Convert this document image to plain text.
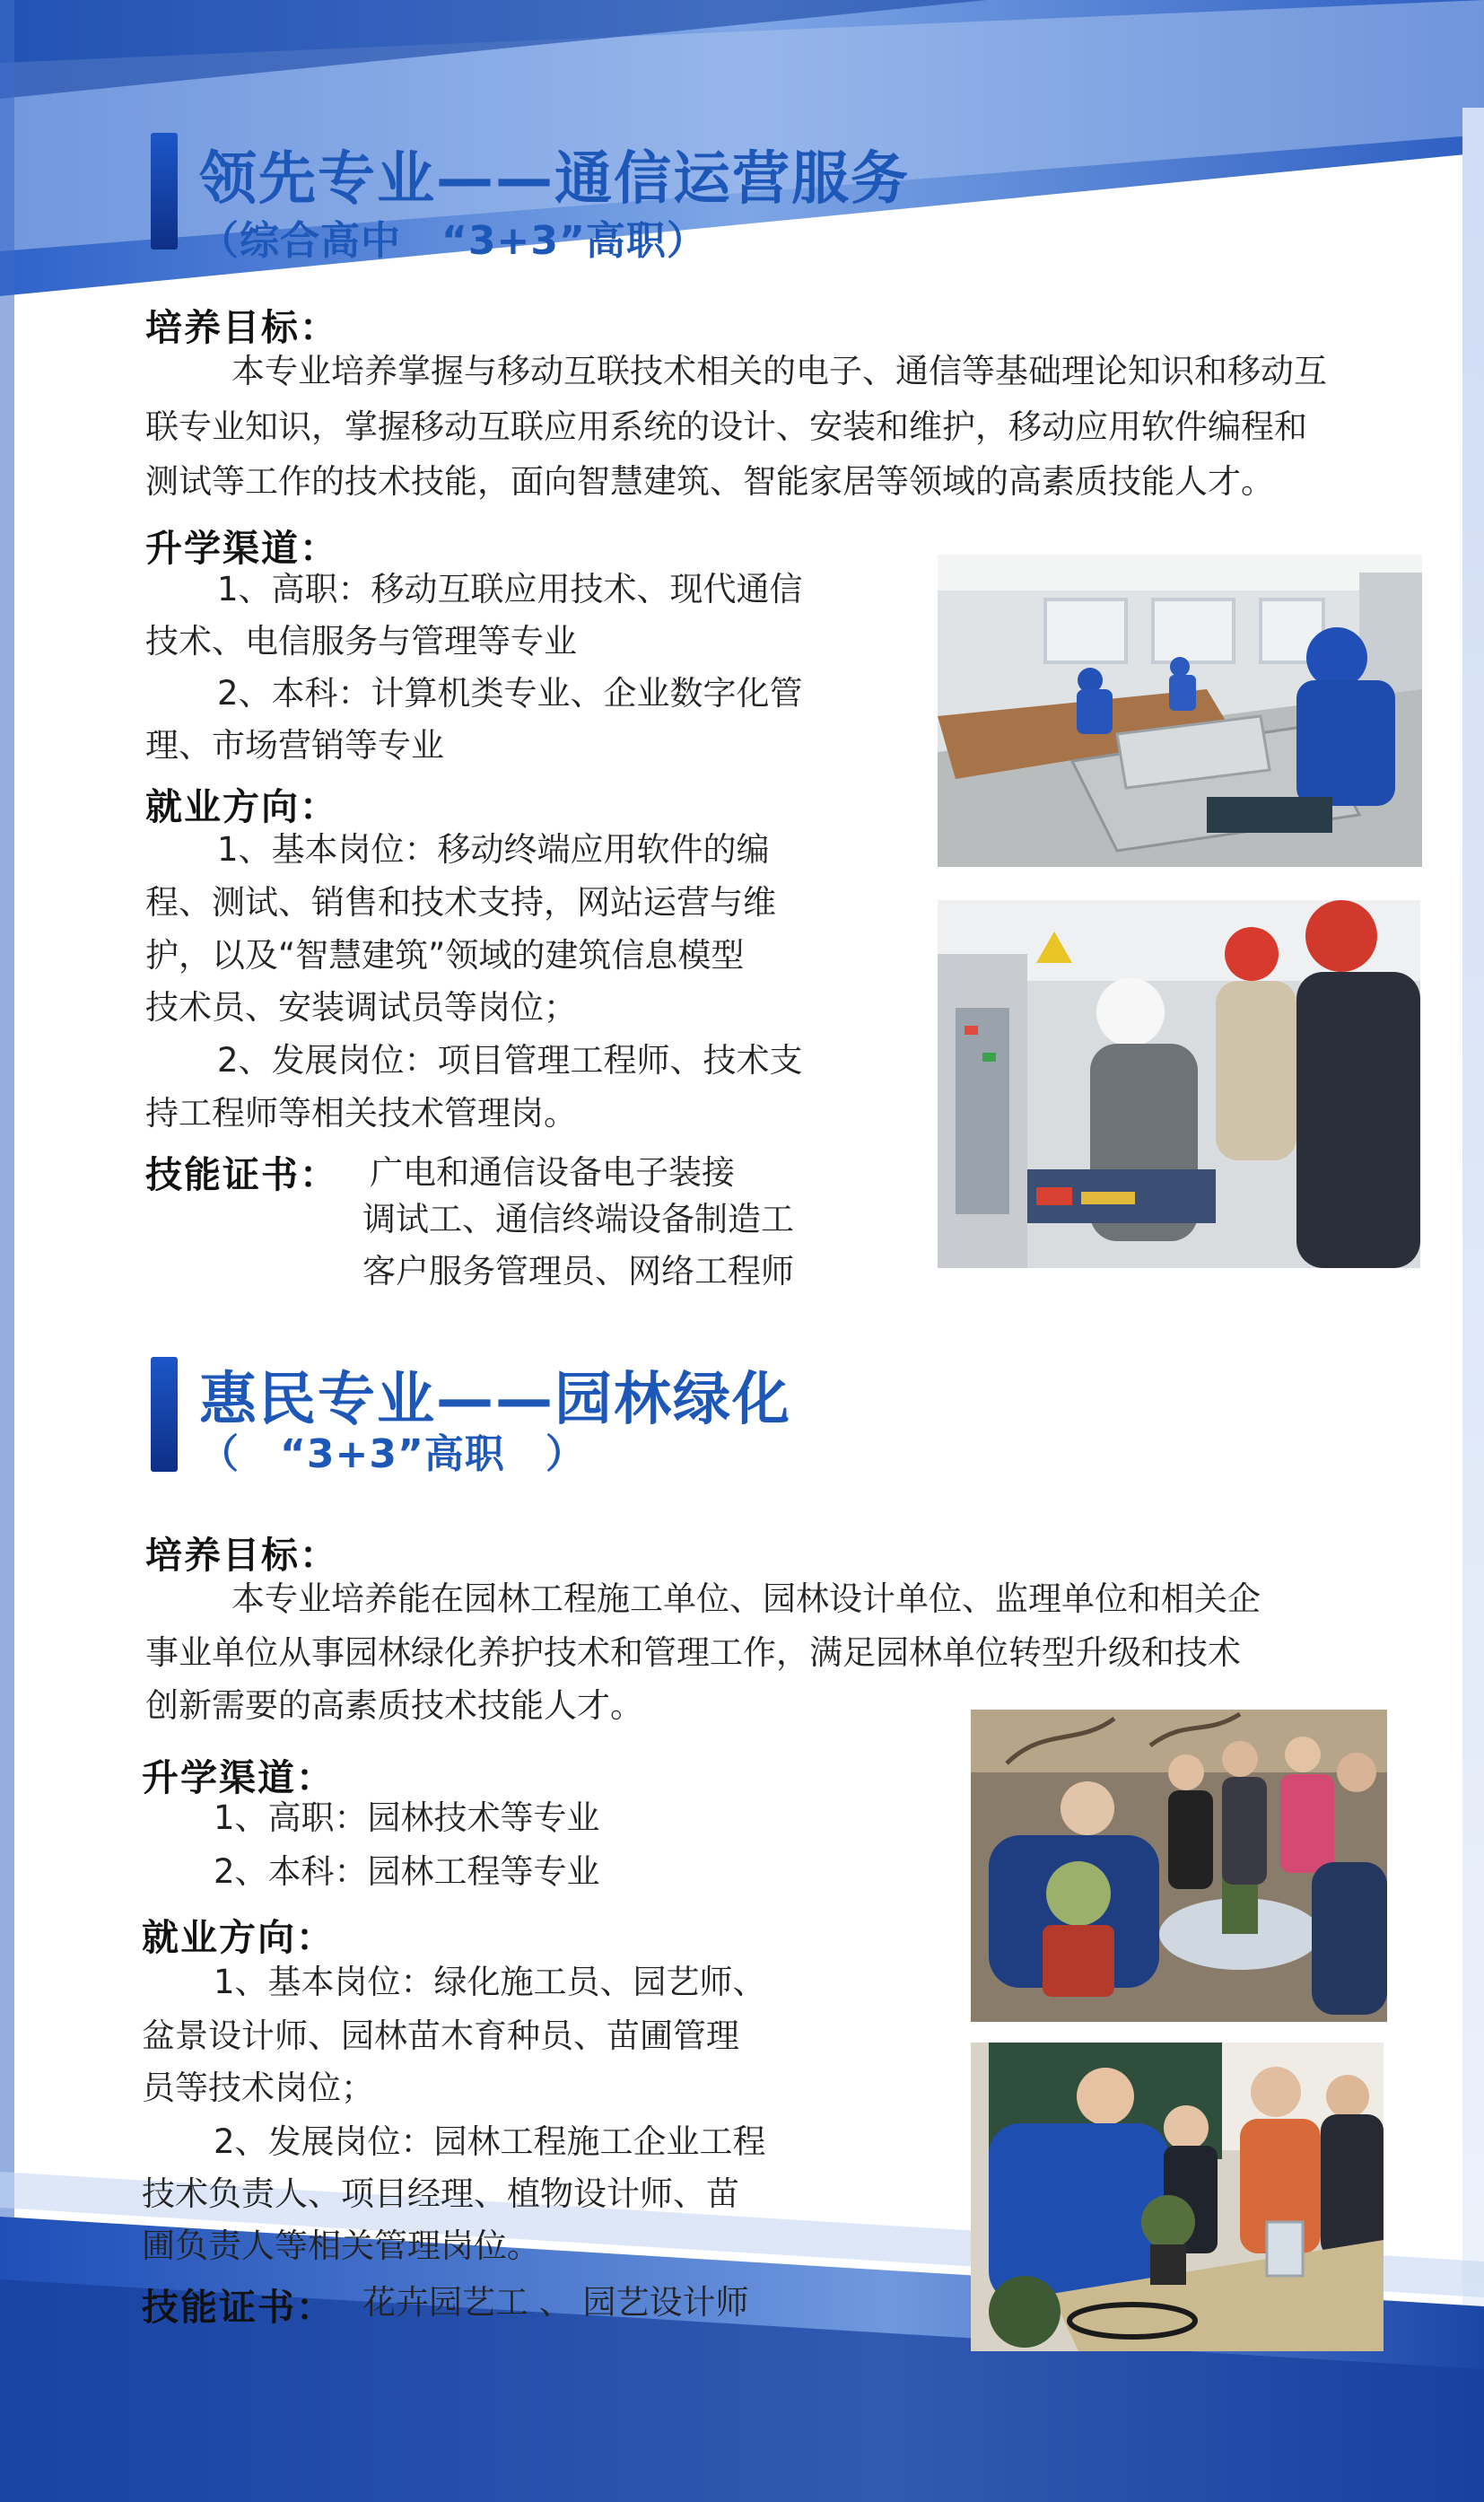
领先专业——通信运营服务
（综合高中　“3+3”高职）
培养目标：
本专业培养掌握与移动互联技术相关的电子、通信等基础理论知识和移动互
联专业知识，掌握移动互联应用系统的设计、安装和维护，移动应用软件编程和
测试等工作的技术技能，面向智慧建筑、智能家居等领域的高素质技能人才。
升学渠道：
1、高职：移动互联应用技术、现代通信
技术、电信服务与管理等专业
2、本科：计算机类专业、企业数字化管
理、市场营销等专业
就业方向：
1、基本岗位：移动终端应用软件的编
程、测试、销售和技术支持，网站运营与维
护，以及“智慧建筑”领域的建筑信息模型
技术员、安装调试员等岗位；
2、发展岗位：项目管理工程师、技术支
持工程师等相关技术管理岗。
技能证书： 广电和通信设备电子装接
调试工、通信终端设备制造工
客户服务管理员、网络工程师
惠民专业——园林绿化
（　“3+3”高职　）
培养目标：
本专业培养能在园林工程施工单位、园林设计单位、监理单位和相关企
事业单位从事园林绿化养护技术和管理工作，满足园林单位转型升级和技术
创新需要的高素质技术技能人才。
升学渠道：
1、高职：园林技术等专业
2、本科：园林工程等专业
就业方向：
1、基本岗位：绿化施工员、园艺师、
盆景设计师、园林苗木育种员、苗圃管理
员等技术岗位；
2、发展岗位：园林工程施工企业工程
技术负责人、项目经理、植物设计师、苗
圃负责人等相关管理岗位。
技能证书： 花卉园艺工 、 园艺设计师
